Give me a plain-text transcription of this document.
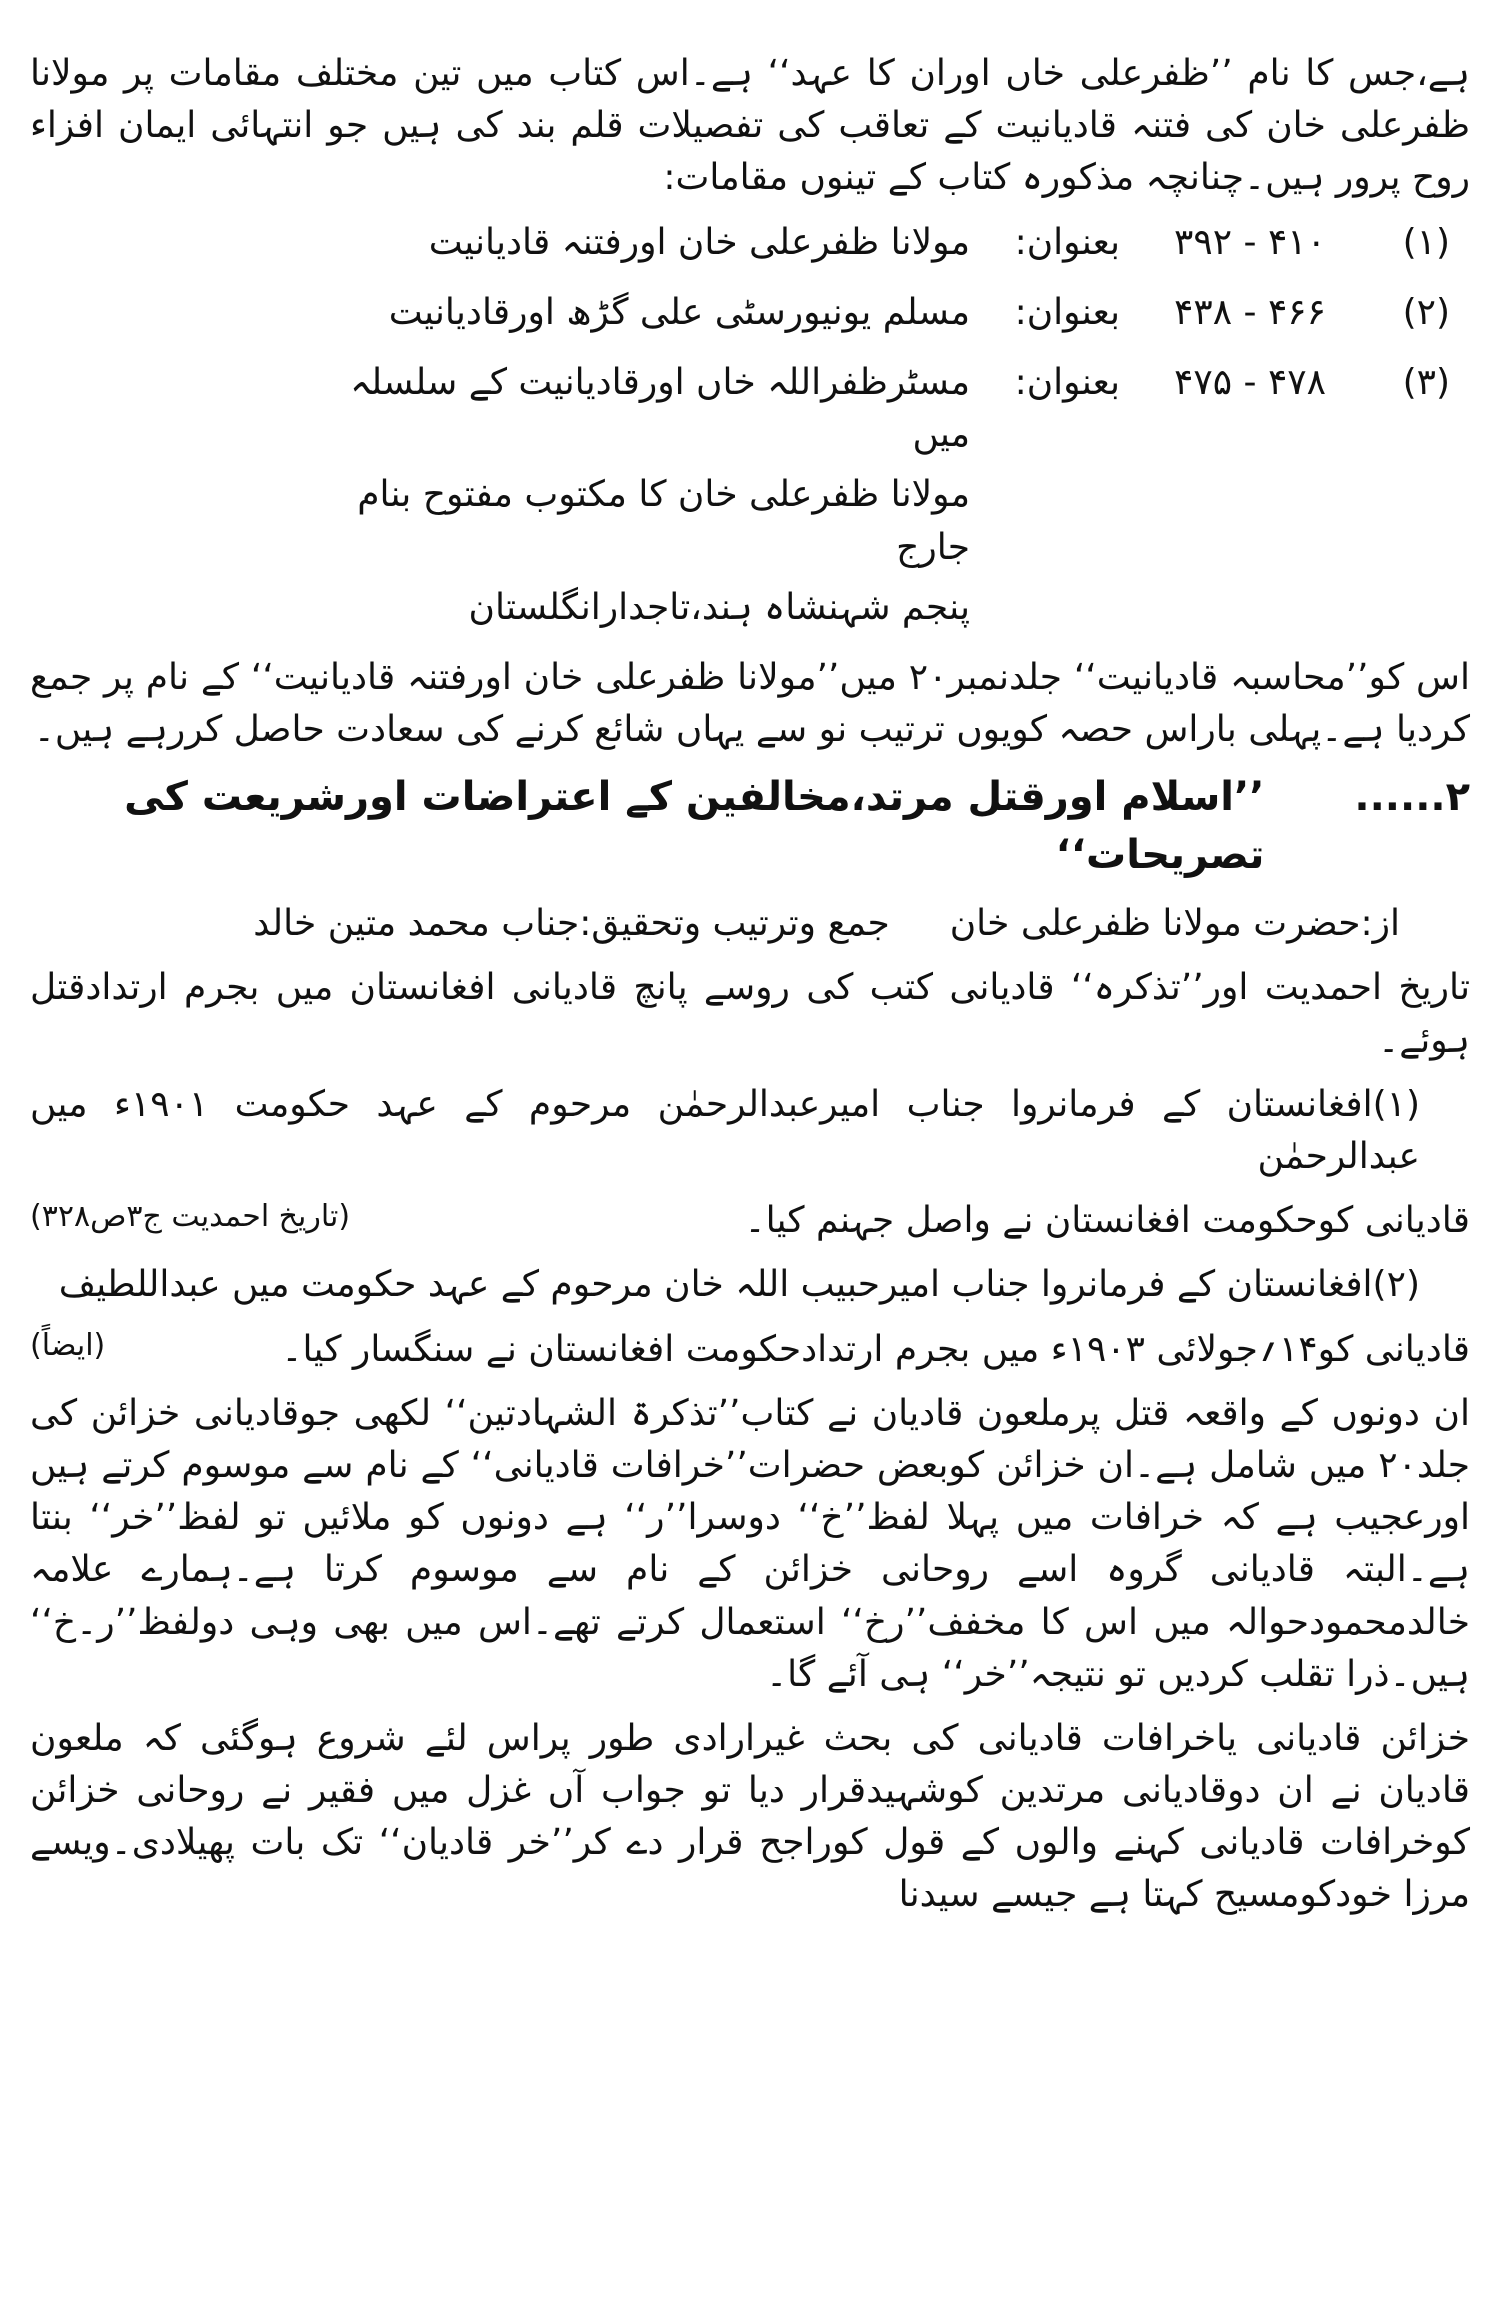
ہے،جس کا نام ’’ظفرعلی خاں اوران کا عہد‘‘ ہے۔اس کتاب میں تین مختلف مقامات پر مولانا ظفرعلی خان کی فتنہ قادیانیت کے تعاقب کی تفصیلات قلم بند کی ہیں جو انتہائی ایمان افزاء روح پرور ہیں۔چنانچہ مذکورہ کتاب کے تینوں مقامات:

(۱)
۴۱۰ - ۳۹۲
بعنوان:
مولانا ظفرعلی خان اورفتنہ قادیانیت
(۲)
۴۶۶ - ۴۳۸
بعنوان:
مسلم یونیورسٹی علی گڑھ اورقادیانیت
(۳)
۴۷۸ - ۴۷۵
بعنوان:
مسٹرظفراللہ خاں اورقادیانیت کے سلسلہ میں
مولانا ظفرعلی خان کا مکتوب مفتوح بنام جارج
پنجم شہنشاہ ہند،تاجدارانگلستان

اس کو’’محاسبہ قادیانیت‘‘ جلدنمبر۲۰ میں’’مولانا ظفرعلی خان اورفتنہ قادیانیت‘‘ کے نام پر جمع کردیا ہے۔پہلی باراس حصہ کویوں ترتیب نو سے یہاں شائع کرنے کی سعادت حاصل کررہے ہیں۔

۲......
’’اسلام اورقتل مرتد،مخالفین کے اعتراضات اورشریعت کی تصریحات‘‘
از:حضرت مولانا ظفرعلی خان
جمع وترتیب وتحقیق:جناب محمد متین خالد

تاریخ احمدیت اور’’تذکرہ‘‘ قادیانی کتب کی روسے پانچ قادیانی افغانستان میں بجرم ارتدادقتل ہوئے۔

(۱)افغانستان کے فرمانروا جناب امیرعبدالرحمٰن مرحوم کے عہد حکومت ۱۹۰۱ء میں عبدالرحمٰن

قادیانی کوحکومت افغانستان نے واصل جہنم کیا۔
(تاریخ احمدیت ج۳ص۳۲۸)

(۲)افغانستان کے فرمانروا جناب امیرحبیب اللہ خان مرحوم کے عہد حکومت میں عبداللطیف

قادیانی کو۱۴؍جولائی ۱۹۰۳ء میں بجرم ارتدادحکومت افغانستان نے سنگسار کیا۔
(ایضاً)

ان دونوں کے واقعہ قتل پرملعون قادیان نے کتاب’’تذکرۃ الشہادتین‘‘ لکھی جوقادیانی خزائن کی جلد۲۰ میں شامل ہے۔ان خزائن کوبعض حضرات’’خرافات قادیانی‘‘ کے نام سے موسوم کرتے ہیں اورعجیب ہے کہ خرافات میں پہلا لفظ’’خ‘‘ دوسرا’’ر‘‘ ہے دونوں کو ملائیں تو لفظ’’خر‘‘ بنتا ہے۔البتہ قادیانی گروہ اسے روحانی خزائن کے نام سے موسوم کرتا ہے۔ہمارے علامہ خالدمحمودحوالہ میں اس کا مخفف’’رخ‘‘ استعمال کرتے تھے۔اس میں بھی وہی دولفظ’’ر۔خ‘‘ ہیں۔ذرا تقلب کردیں تو نتیجہ’’خر‘‘ ہی آئے گا۔

خزائن قادیانی یاخرافات قادیانی کی بحث غیرارادی طور پراس لئے شروع ہوگئی کہ ملعون قادیان نے ان دوقادیانی مرتدین کوشہیدقرار دیا تو جواب آں غزل میں فقیر نے روحانی خزائن کوخرافات قادیانی کہنے والوں کے قول کوراجح قرار دے کر’’خر قادیان‘‘ تک بات پھیلادی۔ویسے مرزا خودکومسیح کہتا ہے جیسے سیدنا
